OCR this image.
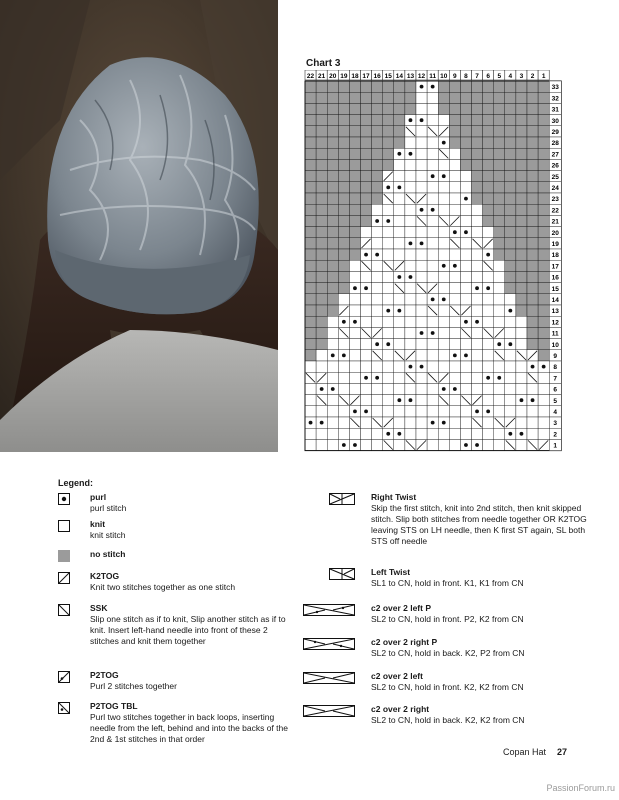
Chart 3
22 21 20 19 18 17 16 15 14 13 12 11 10 9 8 7 6 5 4 3 2 1
33
32
31
30
29
28
27
26
25
24
23
22
21
20
19
18
17
16
15
14
13
12
11
10
9
8
7
6
5
4
3
2
1
Legend:
purl
purl stitch
knit
knit stitch
no stitch
K2TOG
Knit two stitches together as one stitch
SSK
Slip one stitch as if to knit, Slip another stitch as if to knit. Insert left-hand needle into front of these 2 stitches and knit them together
P2TOG
Purl 2 stitches together
P2TOG TBL
Purl two stitches together in back loops, inserting needle from the left, behind and into the backs of the 2nd & 1st stitches in that order
Right Twist
Skip the first stitch, knit into 2nd stitch, then knit skipped stitch. Slip both stitches from needle together OR K2TOG leaving STS on LH needle, then K first ST again, SL both STS off needle
Left Twist
SL1 to CN, hold in front. K1, K1 from CN
c2 over 2 left P
SL2 to CN, hold in front. P2, K2 from CN
c2 over 2 right P
SL2 to CN, hold in back. K2, P2 from CN
c2 over 2 left
SL2 to CN, hold in front. K2, K2 from CN
c2 over 2 right
SL2 to CN, hold in back. K2, K2 from CN
Copan Hat 27
PassionForum.ru
